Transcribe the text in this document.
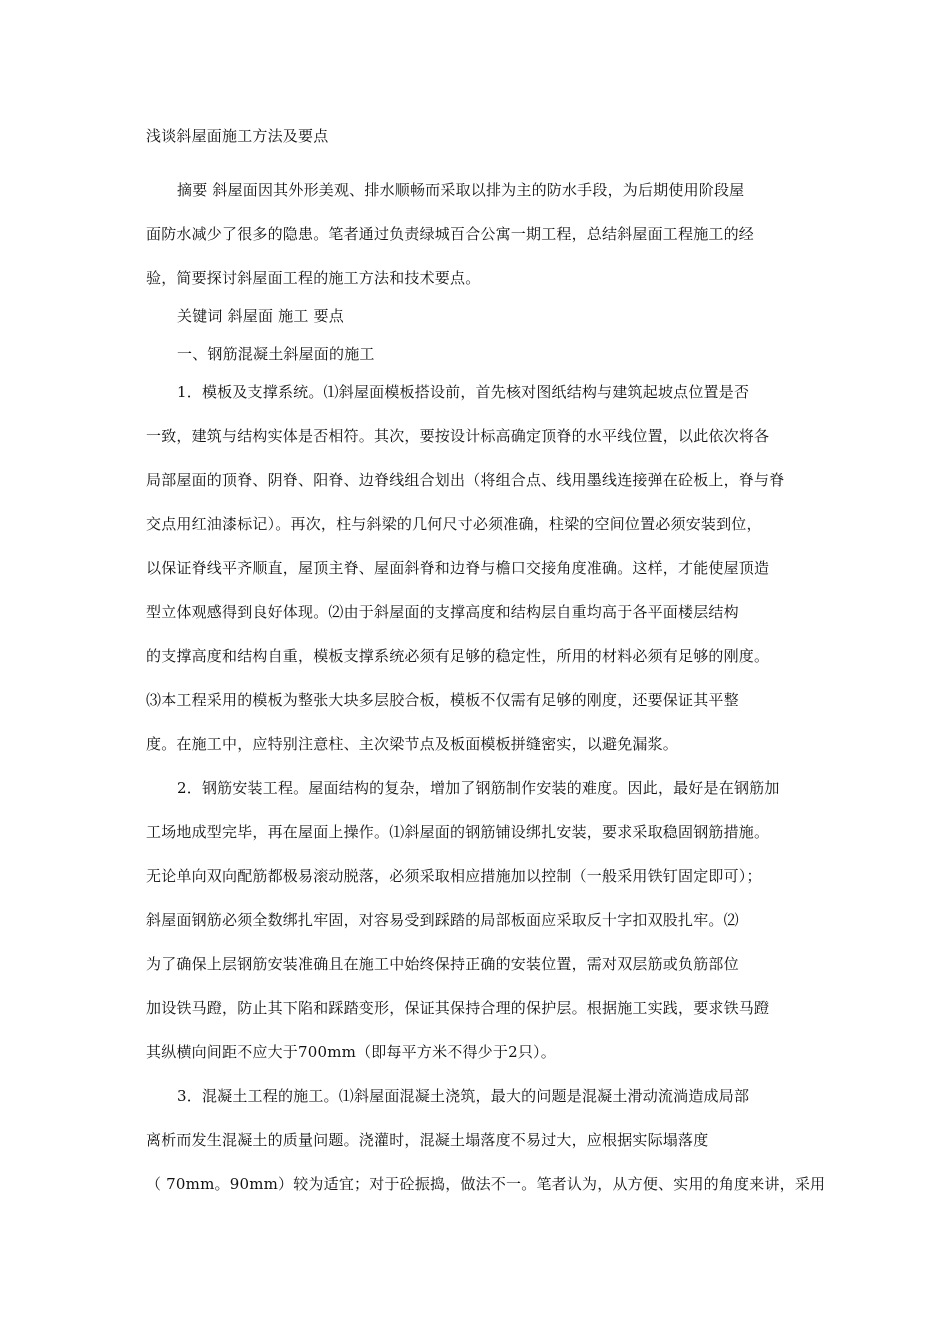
浅谈斜屋面施工方法及要点
摘要 斜屋面因其外形美观、排水顺畅而采取以排为主的防水手段，为后期使用阶段屋
面防水减少了很多的隐患。笔者通过负责绿城百合公寓一期工程，总结斜屋面工程施工的经
验，简要探讨斜屋面工程的施工方法和技术要点。
关键词 斜屋面 施工 要点
一、钢筋混凝土斜屋面的施工
1．模板及支撑系统。⑴斜屋面模板搭设前，首先核对图纸结构与建筑起坡点位置是否
一致，建筑与结构实体是否相符。其次，要按设计标高确定顶脊的水平线位置，以此依次将各
局部屋面的顶脊、阴脊、阳脊、边脊线组合划出（将组合点、线用墨线连接弹在砼板上，脊与脊
交点用红油漆标记）。再次，柱与斜梁的几何尺寸必须准确，柱梁的空间位置必须安装到位，
以保证脊线平齐顺直，屋顶主脊、屋面斜脊和边脊与檐口交接角度准确。这样，才能使屋顶造
型立体观感得到良好体现。⑵由于斜屋面的支撑高度和结构层自重均高于各平面楼层结构
的支撑高度和结构自重，模板支撑系统必须有足够的稳定性，所用的材料必须有足够的刚度。
⑶本工程采用的模板为整张大块多层胶合板，模板不仅需有足够的刚度，还要保证其平整
度。在施工中，应特别注意柱、主次梁节点及板面模板拼缝密实，以避免漏浆。
2．钢筋安装工程。屋面结构的复杂，增加了钢筋制作安装的难度。因此，最好是在钢筋加
工场地成型完毕，再在屋面上操作。⑴斜屋面的钢筋铺设绑扎安装，要求采取稳固钢筋措施。
无论单向双向配筋都极易滚动脱落，必须采取相应措施加以控制（一般采用铁钉固定即可）；
斜屋面钢筋必须全数绑扎牢固，对容易受到踩踏的局部板面应采取反十字扣双股扎牢。⑵
为了确保上层钢筋安装准确且在施工中始终保持正确的安装位置，需对双层筋或负筋部位
加设铁马蹬，防止其下陷和踩踏变形，保证其保持合理的保护层。根据施工实践，要求铁马蹬
其纵横向间距不应大于700mm（即每平方米不得少于2只）。
3．混凝土工程的施工。⑴斜屋面混凝土浇筑，最大的问题是混凝土滑动流淌造成局部
离析而发生混凝土的质量问题。浇灌时，混凝土塌落度不易过大，应根据实际塌落度
（ 70mm。90mm）较为适宜；对于砼振捣，做法不一。笔者认为，从方便、实用的角度来讲，采用
